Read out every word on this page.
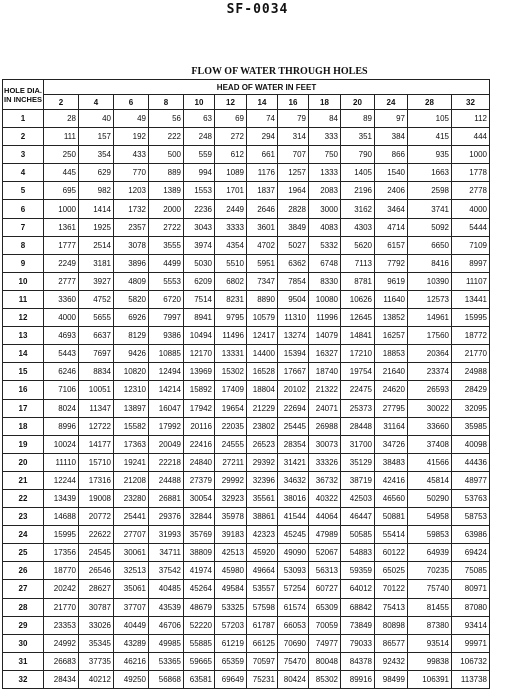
SF-0034
FLOW OF WATER THROUGH HOLES
HOLE DIA. IN INCHES	HEAD OF WATER IN FEET												
	2	4	6	8	10	12	14	16	18	20	24	28	32
1	28	40	49	56	63	69	74	79	84	89	97	105	112
2	111	157	192	222	248	272	294	314	333	351	384	415	444
3	250	354	433	500	559	612	661	707	750	790	866	935	1000
4	445	629	770	889	994	1089	1176	1257	1333	1405	1540	1663	1778
5	695	982	1203	1389	1553	1701	1837	1964	2083	2196	2406	2598	2778
6	1000	1414	1732	2000	2236	2449	2646	2828	3000	3162	3464	3741	4000
7	1361	1925	2357	2722	3043	3333	3601	3849	4083	4303	4714	5092	5444
8	1777	2514	3078	3555	3974	4354	4702	5027	5332	5620	6157	6650	7109
9	2249	3181	3896	4499	5030	5510	5951	6362	6748	7113	7792	8416	8997
10	2777	3927	4809	5553	6209	6802	7347	7854	8330	8781	9619	10390	11107
11	3360	4752	5820	6720	7514	8231	8890	9504	10080	10626	11640	12573	13441
12	4000	5655	6926	7997	8941	9795	10579	11310	11996	12645	13852	14961	15995
13	4693	6637	8129	9386	10494	11496	12417	13274	14079	14841	16257	17560	18772
14	5443	7697	9426	10885	12170	13331	14400	15394	16327	17210	18853	20364	21770
15	6246	8834	10820	12494	13969	15302	16528	17667	18740	19754	21640	23374	24988
16	7106	10051	12310	14214	15892	17409	18804	20102	21322	22475	24620	26593	28429
17	8024	11347	13897	16047	17942	19654	21229	22694	24071	25373	27795	30022	32095
18	8996	12722	15582	17992	20116	22035	23802	25445	26988	28448	31164	33660	35985
19	10024	14177	17363	20049	22416	24555	26523	28354	30073	31700	34726	37408	40098
20	11110	15710	19241	22218	24840	27211	29392	31421	33326	35129	38483	41566	44436
21	12244	17316	21208	24488	27379	29992	32396	34632	36732	38719	42416	45814	48977
22	13439	19008	23280	26881	30054	32923	35561	38016	40322	42503	46560	50290	53763
23	14688	20772	25441	29376	32844	35978	38861	41544	44064	46447	50881	54958	58753
24	15995	22622	27707	31993	35769	39183	42323	45245	47989	50585	55414	59853	63986
25	17356	24545	30061	34711	38809	42513	45920	49090	52067	54883	60122	64939	69424
26	18770	26546	32513	37542	41974	45980	49664	53093	56313	59359	65025	70235	75085
27	20242	28627	35061	40485	45264	49584	53557	57254	60727	64012	70122	75740	80971
28	21770	30787	37707	43539	48679	53325	57598	61574	65309	68842	75413	81455	87080
29	23353	33026	40449	46706	52220	57203	61787	66053	70059	73849	80898	87380	93414
30	24992	35345	43289	49985	55885	61219	66125	70690	74977	79033	86577	93514	99971
31	26683	37735	46216	53365	59665	65359	70597	75470	80048	84378	92432	99838	106732
32	28434	40212	49250	56868	63581	69649	75231	80424	85302	89916	98499	106391	113738
